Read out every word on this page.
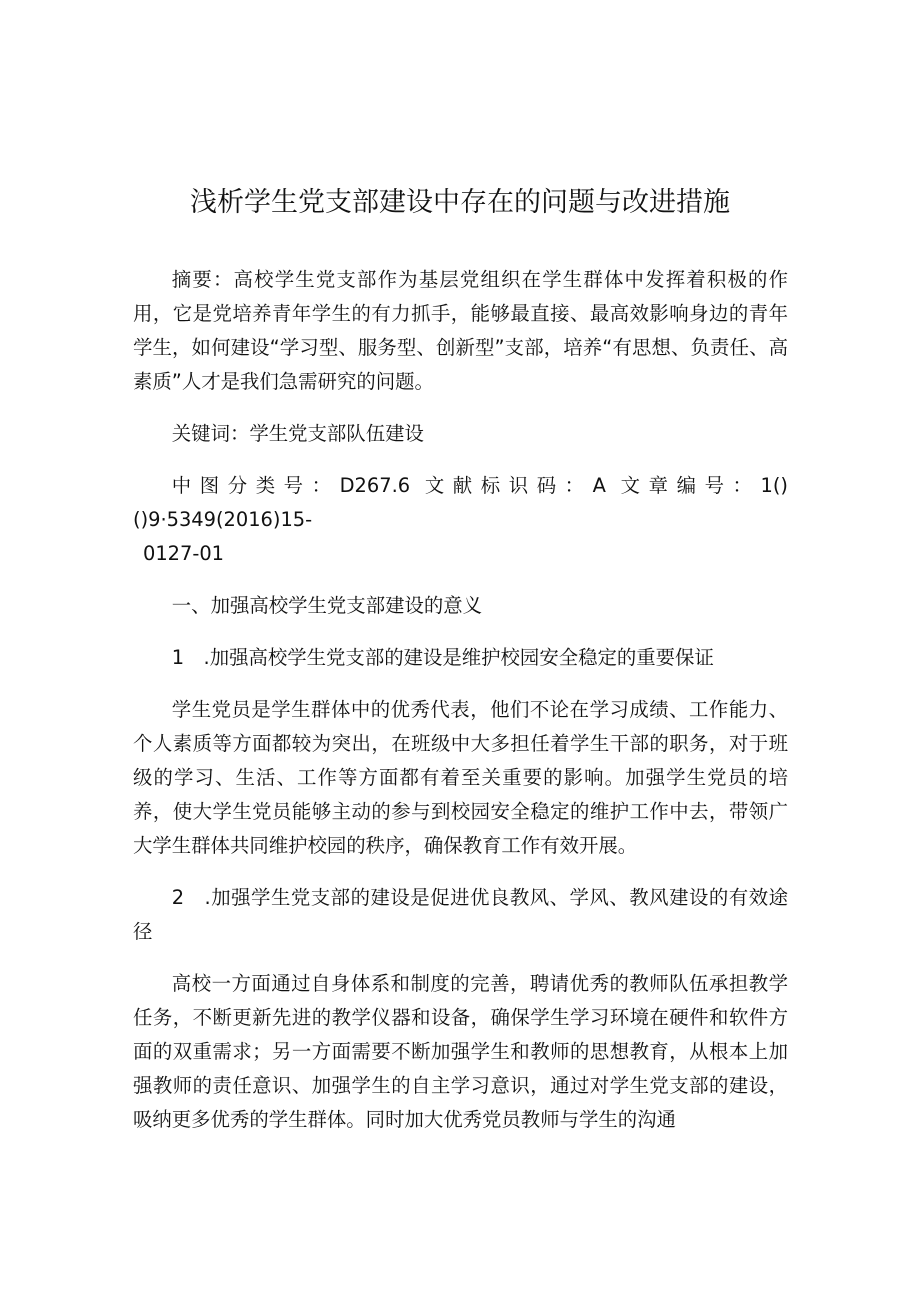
浅析学生党支部建设中存在的问题与改进措施

摘要：高校学生党支部作为基层党组织在学生群体中发挥着积极的作用，它是党培养青年学生的有力抓手，能够最直接、最高效影响身边的青年学生，如何建设“学习型、服务型、创新型”支部，培养“有思想、负责任、高素质”人才是我们急需研究的问题。

关键词：学生党支部队伍建设

中图分类号：D267.6 文献标识码：A 文章编号：1()()9·5349(2016)15-
0127-01

一、加强高校学生党支部建设的意义

1　.加强高校学生党支部的建设是维护校园安全稳定的重要保证

学生党员是学生群体中的优秀代表，他们不论在学习成绩、工作能力、个人素质等方面都较为突出，在班级中大多担任着学生干部的职务，对于班级的学习、生活、工作等方面都有着至关重要的影响。加强学生党员的培养，使大学生党员能够主动的参与到校园安全稳定的维护工作中去，带领广大学生群体共同维护校园的秩序，确保教育工作有效开展。

2　.加强学生党支部的建设是促进优良教风、学风、教风建设的有效途径

高校一方面通过自身体系和制度的完善，聘请优秀的教师队伍承担教学任务，不断更新先进的教学仪器和设备，确保学生学习环境在硬件和软件方面的双重需求；另一方面需要不断加强学生和教师的思想教育，从根本上加强教师的责任意识、加强学生的自主学习意识，通过对学生党支部的建设，吸纳更多优秀的学生群体。同时加大优秀党员教师与学生的沟通
